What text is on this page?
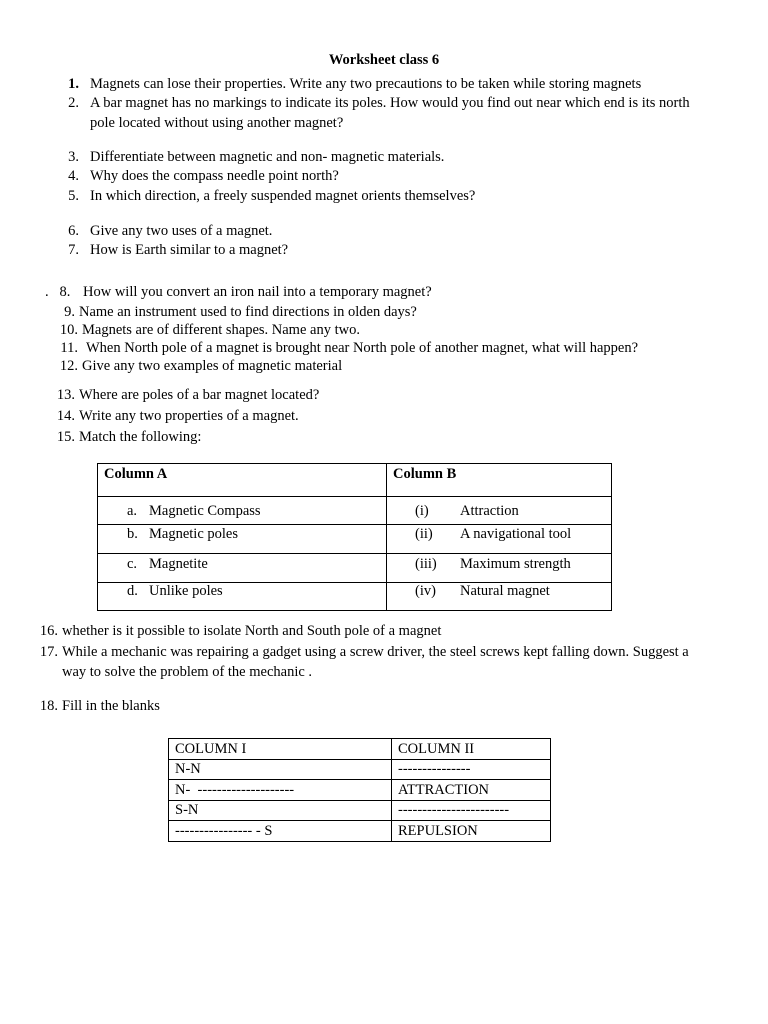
Worksheet class 6
1. Magnets can lose their properties. Write any two precautions to be taken while storing magnets
2. A bar magnet has no markings to indicate its poles. How would you find out near which end is its north
pole located without using another magnet?
3. Differentiate between magnetic and non- magnetic materials.
4. Why does the compass needle point north?
5. In which direction, a freely suspended magnet orients themselves?
6. Give any two uses of a magnet.
7. How is Earth similar to a magnet?
.   8. How will you convert an iron nail into a temporary magnet?
9. Name an instrument used to find directions in olden days?
10. Magnets are of different shapes. Name any two.
11. When North pole of a magnet is brought near North pole of another magnet, what will happen?
12. Give any two examples of magnetic material
13. Where are poles of a bar magnet located?
14. Write any two properties of a magnet.
15. Match the following:
Column A	Column B

a. Magnetic Compass	(i) Attraction

b. Magnetic poles	(ii) A navigational tool

c. Magnetite	(iii) Maximum strength

d. Unlike poles	(iv) Natural magnet
16. whether is it possible to isolate North and South pole of a magnet
17. While a mechanic was repairing a gadget using a screw driver, the steel screws kept falling down. Suggest a
way to solve the problem of the mechanic .
18. Fill in the blanks
COLUMN I	COLUMN II
N-N	---------------
N-  --------------------	ATTRACTION
S-N	-----------------------
---------------- - S	REPULSION
